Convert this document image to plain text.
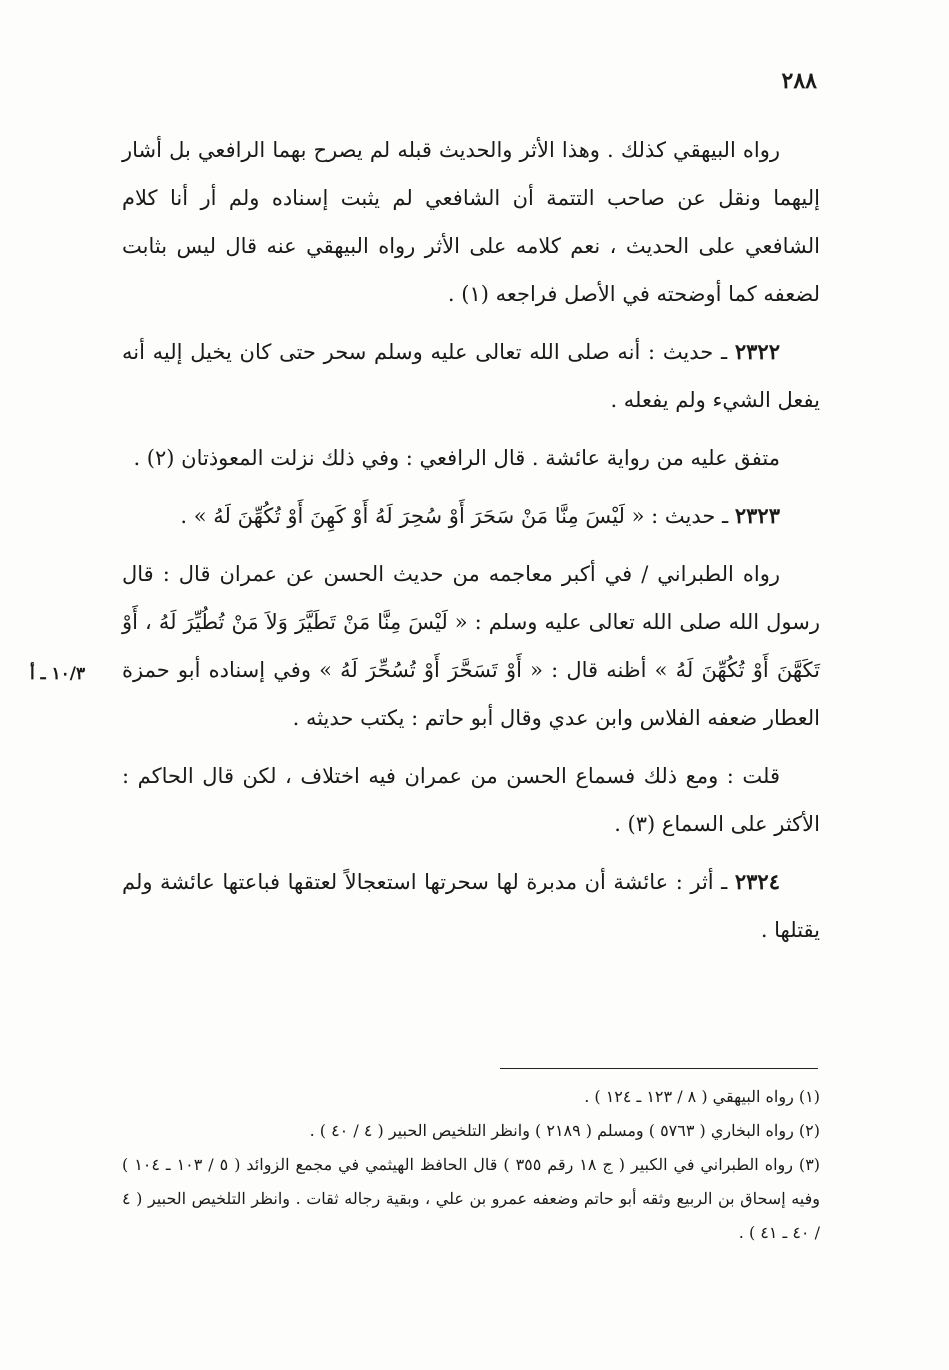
٢٨٨

رواه البيهقي كذلك . وهذا الأثر والحديث قبله لم يصرح بهما الرافعي بل أشار إليهما ونقل عن صاحب التتمة أن الشافعي لم يثبت إسناده ولم أر أنا كلام الشافعي على الحديث ، نعم كلامه على الأثر رواه البيهقي عنه قال ليس بثابت لضعفه كما أوضحته في الأصل فراجعه (١) .

٢٣٢٢ ـ حديث : أنه صلى الله تعالى عليه وسلم سحر حتى كان يخيل إليه أنه يفعل الشيء ولم يفعله .

متفق عليه من رواية عائشة . قال الرافعي : وفي ذلك نزلت المعوذتان (٢) .

٢٣٢٣ ـ حديث : « لَيْسَ مِنَّا مَنْ سَحَرَ أَوْ سُحِرَ لَهُ أَوْ كَهِنَ أَوْ تُكُهِّنَ لَهُ » .

رواه الطبراني / في أكبر معاجمه من حديث الحسن عن عمران قال : قال رسول الله صلى الله تعالى عليه وسلم : « لَيْسَ مِنَّا مَنْ تَطَيَّرَ وَلاَ مَنْ تُطُيِّرَ لَهُ ، أَوْ تَكَهَّنَ أَوْ تُكُهِّنَ لَهُ » أظنه قال : « أَوْ تَسَحَّرَ أَوْ تُسُحِّرَ لَهُ » وفي إسناده أبو حمزة العطار ضعفه الفلاس وابن عدي وقال أبو حاتم : يكتب حديثه .

قلت : ومع ذلك فسماع الحسن من عمران فيه اختلاف ، لكن قال الحاكم : الأكثر على السماع (٣) .

٢٣٢٤ ـ أثر : عائشة أن مدبرة لها سحرتها استعجالاً لعتقها فباعتها عائشة ولم يقتلها .

١٠/٣ ـ أ

(١) رواه البيهقي ( ٨ / ١٢٣ ـ ١٢٤ ) .

(٢) رواه البخاري ( ٥٧٦٣ ) ومسلم ( ٢١٨٩ ) وانظر التلخيص الحبير ( ٤ / ٤٠ ) .

(٣) رواه الطبراني في الكبير ( ج ١٨ رقم ٣٥٥ ) قال الحافظ الهيثمي في مجمع الزوائد ( ٥ / ١٠٣ ـ ١٠٤ ) وفيه إسحاق بن الربيع وثقه أبو حاتم وضعفه عمرو بن علي ، وبقية رجاله ثقات . وانظر التلخيص الحبير ( ٤ / ٤٠ ـ ٤١ ) .
